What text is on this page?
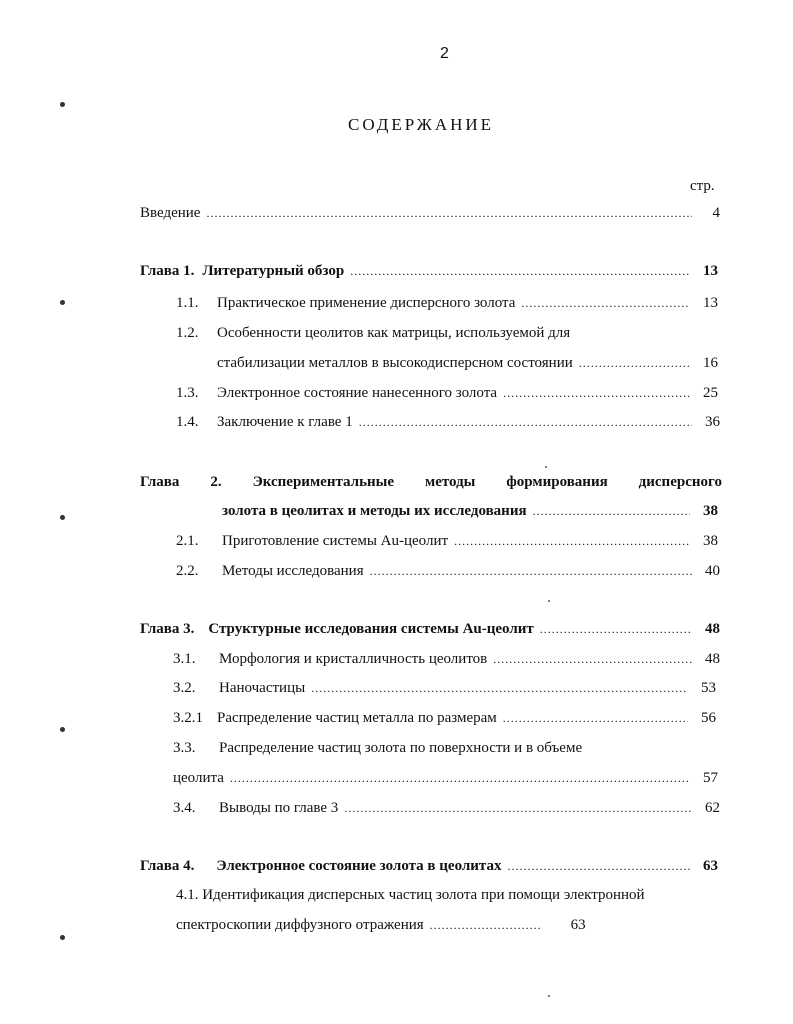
2
СОДЕРЖАНИЕ
стр.
Введение .....	4
Глава 1. Литературный обзор .....	13
1.1.	Практическое применение дисперсного золота .....	13
1.2. Особенности цеолитов как матрицы, используемой для
стабилизации металлов в высокодисперсном состоянии .....	16
1.3.	Электронное состояние нанесенного золота .....	25
1.4.	Заключение к главе 1 .....	36
Глава 2. Экспериментальные методы формирования дисперсного
золота в цеолитах и методы их исследования .....	38
2.1.	Приготовление системы Au-цеолит .....	38
2.2.	Методы исследования .....	40
Глава 3. Структурные исследования системы Au-цеолит .....	48
3.1.	Морфология и кристалличность цеолитов .....	48
3.2.	Наночастицы .....	53
3.2.1 Распределение частиц металла по размерам .....	56
3.3. Распределение частиц золота по поверхности и в объеме
цеолита .....	57
3.4.	Выводы по главе 3 .....	62
Глава 4. Электронное состояние золота в цеолитах .....	63
4.1. Идентификация дисперсных частиц золота при помощи электронной
спектроскопии диффузного отражения .....	63
